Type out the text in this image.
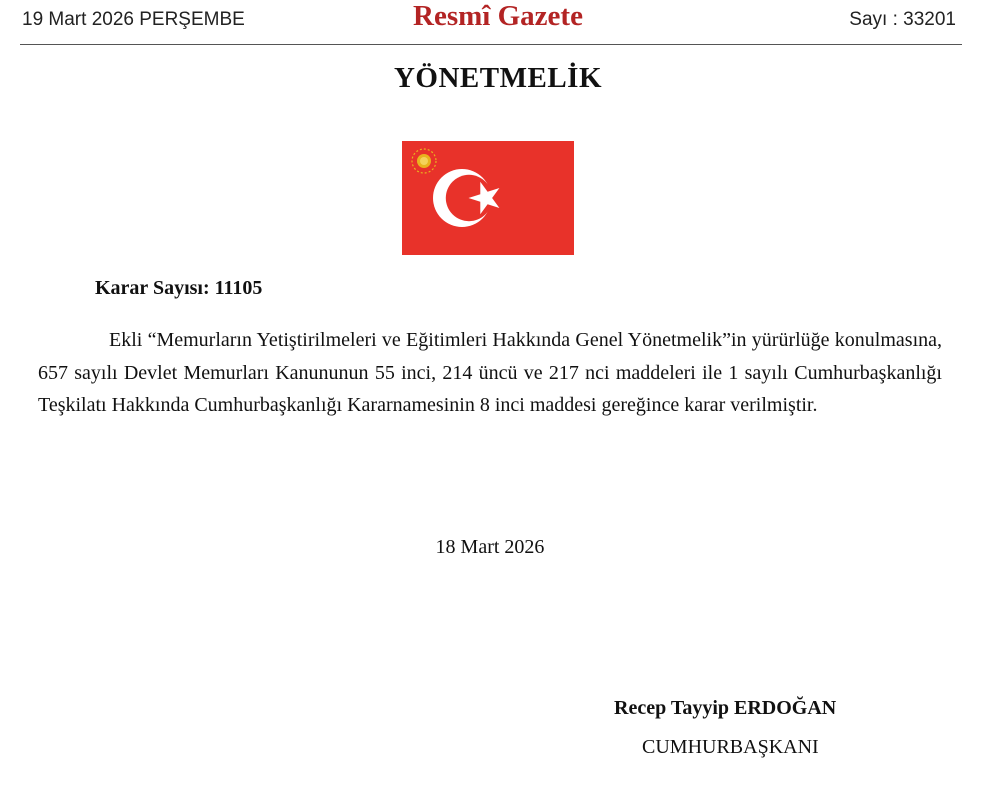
19 Mart 2026 PERŞEMBE	Resmî Gazete	Sayı : 33201
YÖNETMELİK
Karar Sayısı: 11105
Ekli “Memurların Yetiştirilmeleri ve Eğitimleri Hakkında Genel Yönetmelik”in yürürlüğe konulmasına, 657 sayılı Devlet Memurları Kanununun 55 inci, 214 üncü ve 217 nci maddeleri ile 1 sayılı Cumhurbaşkanlığı Teşkilatı Hakkında Cumhurbaşkanlığı Kararnamesinin 8 inci maddesi gereğince karar verilmiştir.
18 Mart 2026
Recep Tayyip ERDOĞAN
CUMHURBAŞKANI
